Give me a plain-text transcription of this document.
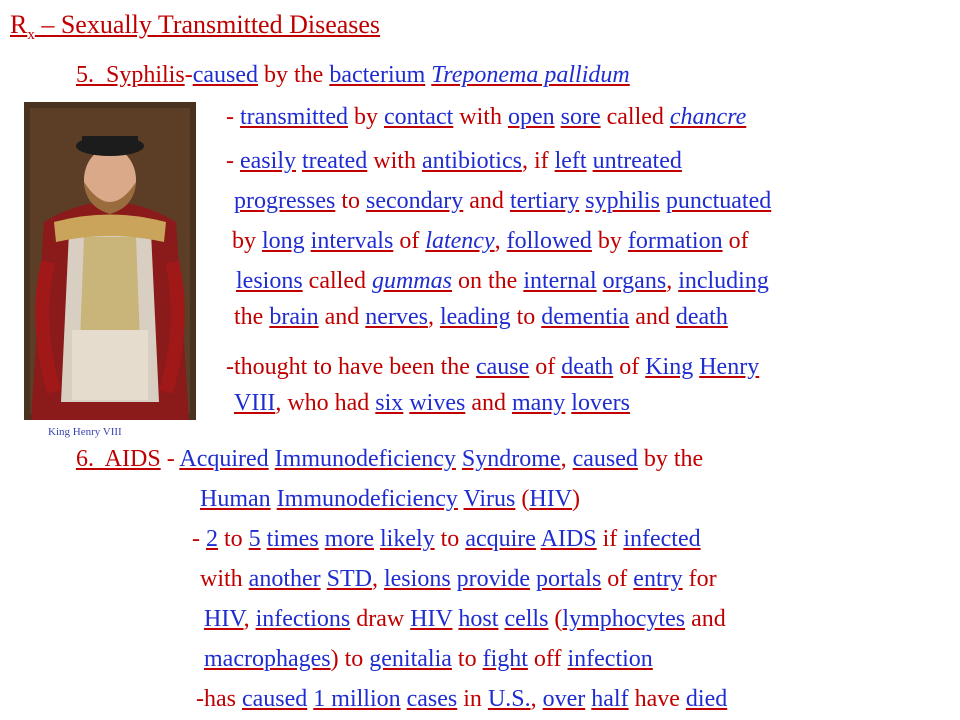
$R_x$ – Sexually Transmitted Diseases
King Henry VIII
5.  Syphilis-caused by the bacterium Treponema pallidum
- transmitted by contact with open sore called chancre
- easily treated with antibiotics, if left untreated
progresses to secondary and tertiary syphilis punctuated
by long intervals of latency, followed by formation of
lesions called gummas on the internal organs, including
the brain and nerves, leading to dementia and death
-thought to have been the cause of death of King Henry
VIII, who had six wives and many lovers
6.  AIDS - Acquired Immunodeficiency Syndrome, caused by the
Human Immunodeficiency Virus (HIV)
- 2 to 5 times more likely to acquire AIDS if infected
with another STD, lesions provide portals of entry for
HIV, infections draw HIV host cells (lymphocytes and
macrophages) to genitalia to fight off infection
-has caused 1 million cases in U.S., over half have died
